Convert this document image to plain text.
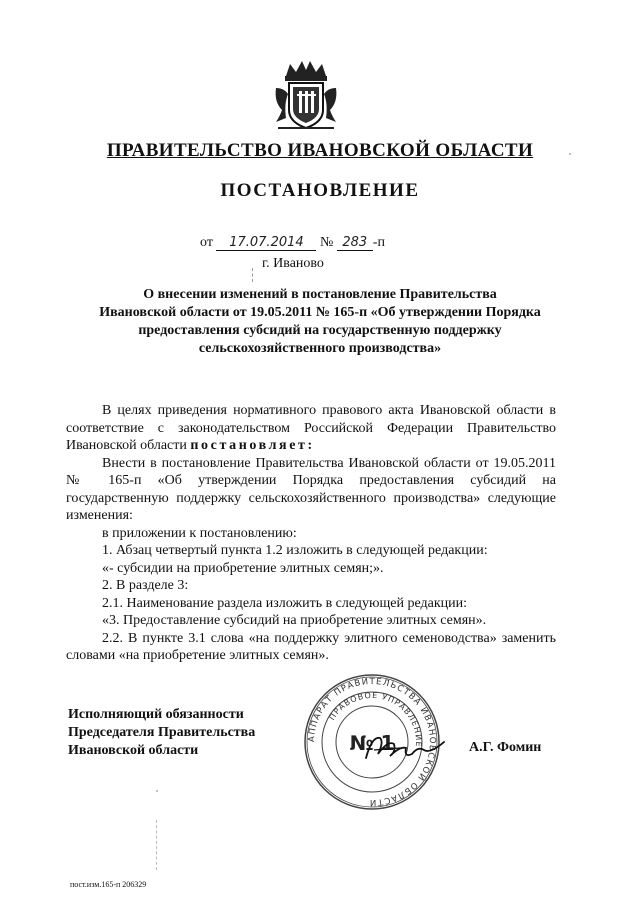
ПРАВИТЕЛЬСТВО ИВАНОВСКОЙ ОБЛАСТИ
ПОСТАНОВЛЕНИЕ
от 17.07.2014 № 283 -п
г. Иваново
О внесении изменений в постановление Правительства
Ивановской области от 19.05.2011 № 165-п «Об утверждении Порядка
предоставления субсидий на государственную поддержку
сельскохозяйственного производства»

В целях приведения нормативного правового акта Ивановской области в соответствие с законодательством Российской Федерации Правительство Ивановской области постановляет:

Внести в постановление Правительства Ивановской области от 19.05.2011 № 165-п «Об утверждении Порядка предоставления субсидий на государственную поддержку сельскохозяйственного производства» следующие изменения:

в приложении к постановлению:

1. Абзац четвертый пункта 1.2 изложить в следующей редакции:

«- субсидии на приобретение элитных семян;».

2. В разделе 3:

2.1. Наименование раздела изложить в следующей редакции:

«3. Предоставление субсидий на приобретение элитных семян».

2.2. В пункте 3.1 слова «на поддержку элитного семеноводства» заменить словами «на приобретение элитных семян».

Исполняющий обязанности
Председателя Правительства
Ивановской области	А.Г. Фомин
АППАРАТ ПРАВИТЕЛЬСТВА ИВАНОВСКОЙ ОБЛАСТИ
ПРАВОВОЕ УПРАВЛЕНИЕ
№ 1
пост.изм.165-п 206329
